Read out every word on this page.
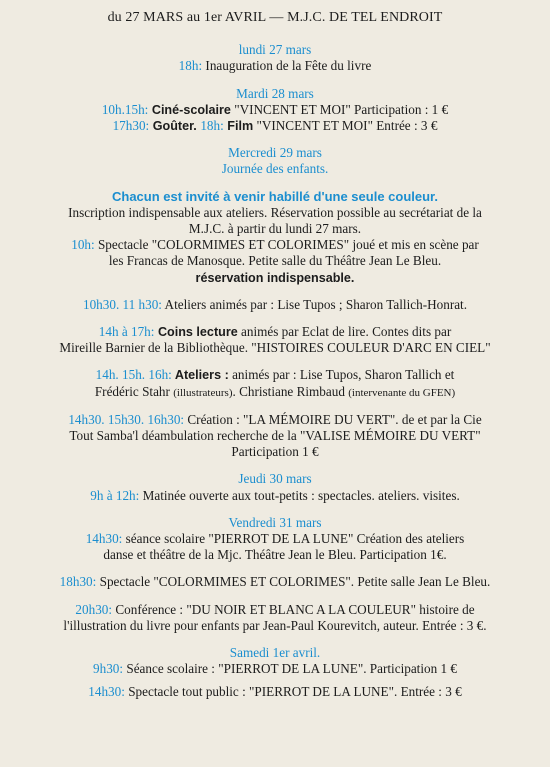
du 27 MARS au 1er AVRIL — M.J.C. DE TEL ENDROIT
lundi 27 mars
18h: Inauguration de la Fête du livre
Mardi 28 mars
10h.15h: Ciné-scolaire "VINCENT ET MOI" Participation : 1 €
17h30: Goûter. 18h: Film "VINCENT ET MOI" Entrée : 3 €
Mercredi 29 mars
Journée des enfants.
Chacun est invité à venir habillé d'une seule couleur.
Inscription indispensable aux ateliers. Réservation possible au secrétariat de la
M.J.C. à partir du lundi 27 mars.
10h: Spectacle "COLORMIMES ET COLORIMES" joué et mis en scène par
les Francas de Manosque. Petite salle du Théâtre Jean Le Bleu.
réservation indispensable.
10h30. 11 h30: Ateliers animés par : Lise Tupos ; Sharon Tallich-Honrat.
14h à 17h: Coins lecture animés par Eclat de lire. Contes dits par
Mireille Barnier de la Bibliothèque. "HISTOIRES COULEUR D'ARC EN CIEL"
14h. 15h. 16h: Ateliers : animés par : Lise Tupos, Sharon Tallich et
Frédéric Stahr (illustrateurs). Christiane Rimbaud (intervenante du GFEN)
14h30. 15h30. 16h30: Création : "LA MÉMOIRE DU VERT". de et par la Cie
Tout Samba'l déambulation recherche de la "VALISE MÉMOIRE DU VERT"
Participation 1 €
Jeudi 30 mars
9h à 12h: Matinée ouverte aux tout-petits : spectacles. ateliers. visites.
Vendredi 31 mars
14h30: séance scolaire "PIERROT DE LA LUNE" Création des ateliers
danse et théâtre de la Mjc. Théâtre Jean le Bleu. Participation 1€.
18h30: Spectacle "COLORMIMES ET COLORIMES". Petite salle Jean Le Bleu.
20h30: Conférence : "DU NOIR ET BLANC A LA COULEUR" histoire de
l'illustration du livre pour enfants par Jean-Paul Kourevitch, auteur. Entrée : 3 €.
Samedi 1er avril.
9h30: Séance scolaire : "PIERROT DE LA LUNE". Participation 1 €
14h30: Spectacle tout public : "PIERROT DE LA LUNE". Entrée : 3 €
